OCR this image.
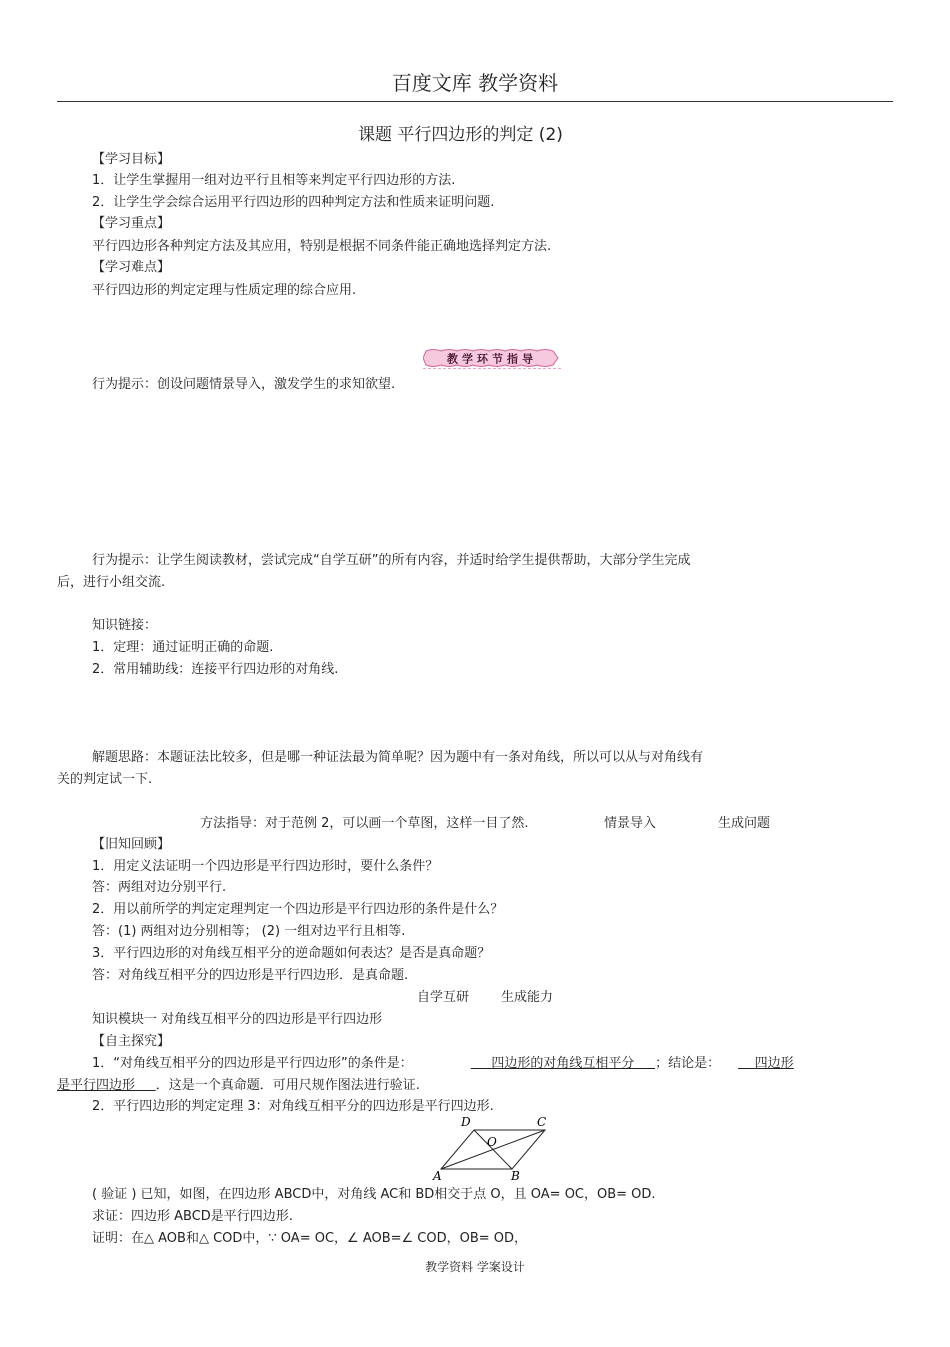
百度文库 教学资料
课题 平行四边形的判定 (2)
【学习目标】
1．让学生掌握用一组对边平行且相等来判定平行四边形的方法.
2．让学生学会综合运用平行四边形的四种判定方法和性质来证明问题.
【学习重点】
平行四边形各种判定方法及其应用，特别是根据不同条件能正确地选择判定方法.
【学习难点】
平行四边形的判定定理与性质定理的综合应用.
教学环节指导
行为提示：创设问题情景导入，激发学生的求知欲望.
行为提示：让学生阅读教材，尝试完成“自学互研”的所有内容，并适时给学生提供帮助，大部分学生完成
后，进行小组交流.
知识链接：
1．定理：通过证明正确的命题.
2．常用辅助线：连接平行四边形的对角线.
解题思路：本题证法比较多，但是哪一种证法最为简单呢？因为题中有一条对角线，所以可以从与对角线有
关的判定试一下.
方法指导：对于范例 2，可以画一个草图，这样一目了然.	情景导入	生成问题
【旧知回顾】
1．用定义法证明一个四边形是平行四边形时，要什么条件？
答：两组对边分别平行.
2．用以前所学的判定定理判定一个四边形是平行四边形的条件是什么？
答：(1) 两组对边分别相等； (2) 一组对边平行且相等.
3．平行四边形的对角线互相平分的逆命题如何表达？是否是真命题？
答：对角线互相平分的四边形是平行四边形．是真命题.
自学互研 生成能力
知识模块一 对角线互相平分的四边形是平行四边形
【自主探究】
1．“对角线互相平分的四边形是平行四边形”的条件是：	四边形的对角线互相平分 ；结论是：	四边形
是平行四边形 ．这是一个真命题．可用尺规作图法进行验证.
2．平行四边形的判定定理 3：对角线互相平分的四边形是平行四边形.
D	C
O
A	B
( 验证 ) 已知，如图，在四边形 ABCD中，对角线 AC和 BD相交于点 O，且 OA= OC，OB= OD.
求证：四边形 ABCD是平行四边形.
证明：在△ AOB和△ COD中，∵ OA= OC，∠ AOB=∠ COD，OB= OD，
教学资料 学案设计
